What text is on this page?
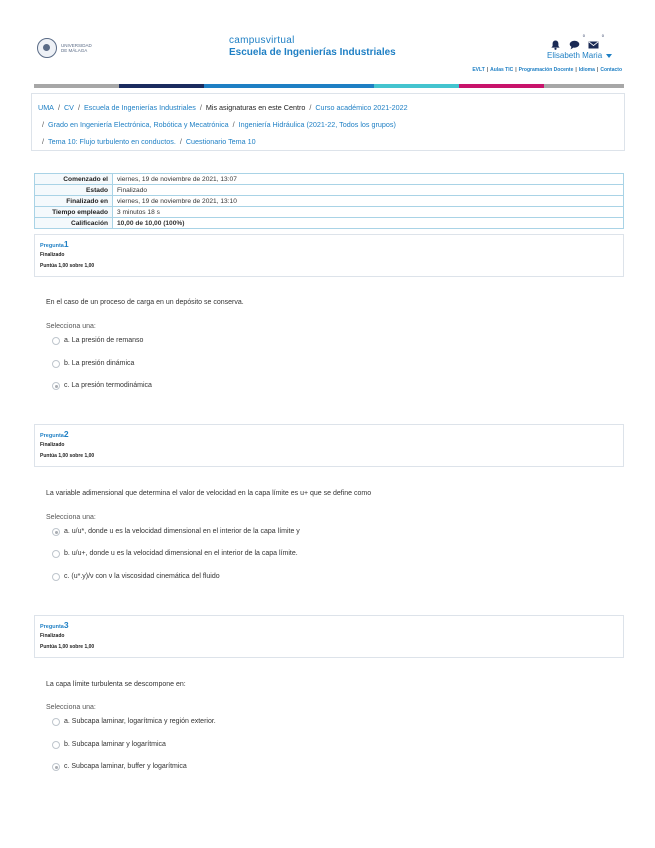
UNIVERSIDAD DE MÁLAGA
campusvirtual
Escuela de Ingenierías Industriales
0	0
Elisabeth Maria
EVLT | Aulas TIC | Programación Docente | Idioma | Contacto
UMA / CV / Escuela de Ingenierías Industriales / Mis asignaturas en este Centro / Curso académico 2021-2022
/ Grado en Ingeniería Electrónica, Robótica y Mecatrónica / Ingeniería Hidráulica (2021-22, Todos los grupos)
/ Tema 10: Flujo turbulento en conductos. / Cuestionario Tema 10
Comenzado el	viernes, 19 de noviembre de 2021, 13:07
Estado	Finalizado
Finalizado en	viernes, 19 de noviembre de 2021, 13:10
Tiempo empleado	3 minutos 18 s
Calificación	10,00 de 10,00 (100%)
Pregunta1
Finalizado
Puntúa 1,00 sobre 1,00
En el caso de un proceso de carga en un depósito se conserva.
Selecciona una:
a. La presión de remanso
b. La presión dinámica
c. La presión termodinámica
Pregunta2
Finalizado
Puntúa 1,00 sobre 1,00
La variable adimensional que determina el valor de velocidad en la capa límite es u+ que se define como
Selecciona una:
a. u/u*, donde u es la velocidad dimensional en el interior de la capa límite y
b. u/u+, donde u es la velocidad dimensional en el interior de la capa límite.
c. (u*.y)/ν con ν la viscosidad cinemática del fluido
Pregunta3
Finalizado
Puntúa 1,00 sobre 1,00
La capa límite turbulenta se descompone en:
Selecciona una:
a. Subcapa laminar, logarítmica y región exterior.
b. Subcapa laminar y logarítmica
c. Subcapa laminar, buffer y logarítmica
